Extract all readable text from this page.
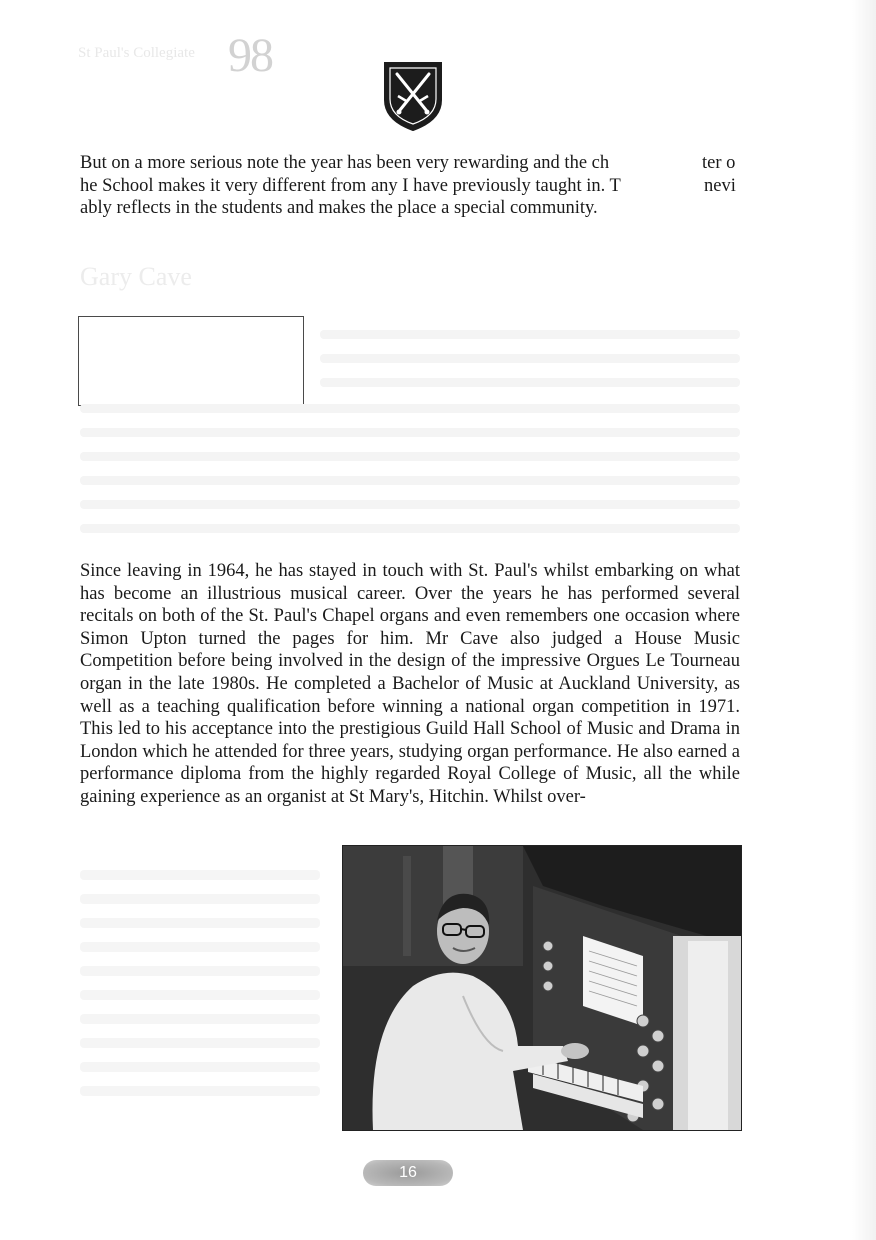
St Paul's Collegiate 98
But on a more serious note the year has been very rewarding and the ch
he School makes it very different from any I have previously taught in. T
ably reflects in the students and makes the place a special community.
ter o
nevi
Gary Cave

Since leaving in 1964, he has stayed in touch with St. Paul's whilst embarking on what has become an illustrious musical career. Over the years he has performed several recitals on both of the St. Paul's Chapel organs and even remembers one occasion where Simon Upton turned the pages for him. Mr Cave also judged a House Music Competition before being involved in the design of the impressive Orgues Le Tourneau organ in the late 1980s. He completed a Bachelor of Music at Auckland University, as well as a teaching qualification before winning a national organ competition in 1971. This led to his acceptance into the prestigious Guild Hall School of Music and Drama in London which he attended for three years, studying organ performance. He also earned a performance diploma from the highly regarded Royal College of Music, all the while gaining experience as an organist at St Mary's, Hitchin. Whilst over-

16
